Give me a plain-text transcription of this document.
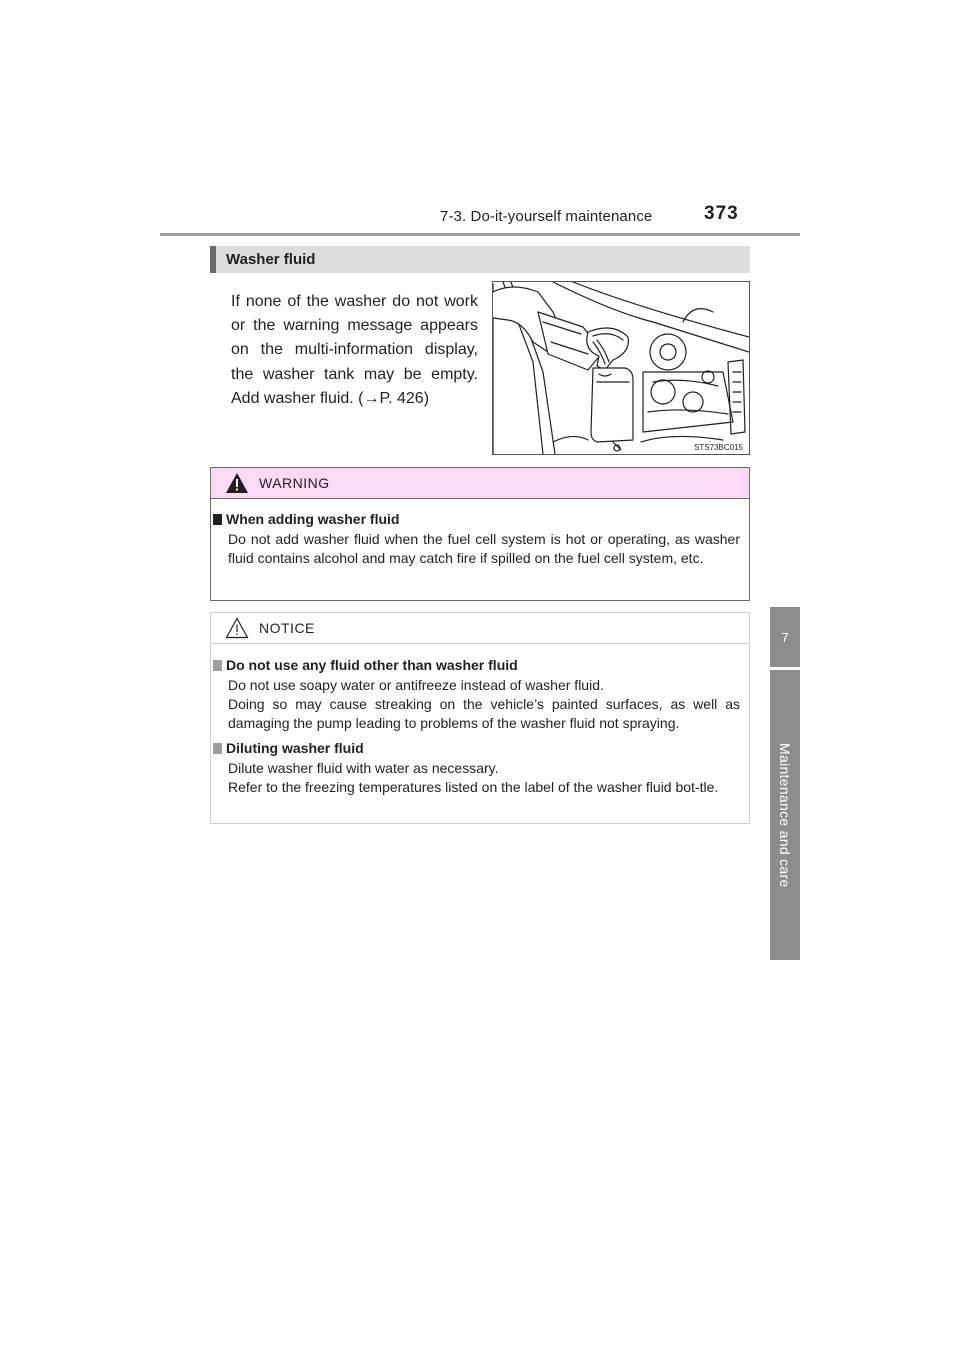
7-3. Do-it-yourself maintenance	373
7
Maintenance and care
Washer fluid
If none of the washer do not work or the warning message appears on the multi-information display, the washer tank may be empty. Add washer fluid. (→P. 426)
STS73BC015
WARNING
When adding washer fluid

Do not add washer fluid when the fuel cell system is hot or operating, as washer fluid contains alcohol and may catch fire if spilled on the fuel cell system, etc.

NOTICE
Do not use any fluid other than washer fluid

Do not use soapy water or antifreeze instead of washer fluid.

Doing so may cause streaking on the vehicle’s painted surfaces, as well as damaging the pump leading to problems of the washer fluid not spraying.

Diluting washer fluid

Dilute washer fluid with water as necessary.

Refer to the freezing temperatures listed on the label of the washer fluid bot-tle.
